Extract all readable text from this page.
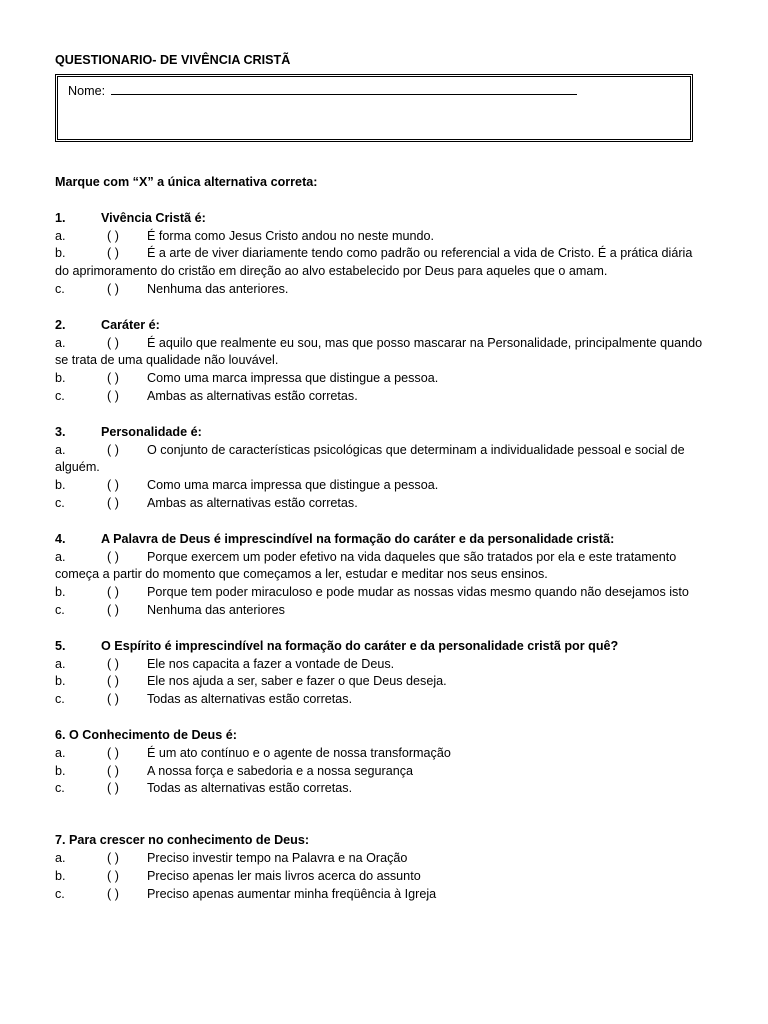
QUESTIONARIO- DE VIVÊNCIA CRISTÃ
Nome:
Marque com “X” a única alternativa correta:
1.	Vivência Cristã é:
a.	( ) É forma como Jesus Cristo andou no neste mundo.
b.	( ) É a arte de viver diariamente tendo como padrão ou referencial a vida de Cristo. É a prática diária do aprimoramento do cristão em direção ao alvo estabelecido por Deus para aqueles que o amam.
c.	( ) Nenhuma das anteriores.
2.	Caráter é:
a.	( ) É aquilo que realmente eu sou, mas que posso mascarar na Personalidade, principalmente quando se trata de uma qualidade não louvável.
b.	( ) Como uma marca impressa que distingue a pessoa.
c.	( ) Ambas as alternativas estão corretas.
3.	Personalidade é:
a.	( ) O conjunto de características psicológicas que determinam a individualidade pessoal e social de alguém.
b.	( ) Como uma marca impressa que distingue a pessoa.
c.	( ) Ambas as alternativas estão corretas.
4.	A Palavra de Deus é imprescindível na formação do caráter e da personalidade cristã:
a.	( ) Porque exercem um poder efetivo na vida daqueles que são tratados por ela e este tratamento começa a partir do momento que começamos a ler, estudar e meditar nos seus ensinos.
b.	( ) Porque tem poder miraculoso e pode mudar as nossas vidas mesmo quando não desejamos isto
c.	( ) Nenhuma das anteriores
5.	O Espírito é imprescindível na formação do caráter e da personalidade cristã por quê?
a.	( ) Ele nos capacita a fazer a vontade de Deus.
b.	( ) Ele nos ajuda a ser, saber e fazer o que Deus deseja.
c.	( ) Todas as alternativas estão corretas.
6. O Conhecimento de Deus é:
a.	( ) É um ato contínuo e o agente de nossa transformação
b.	( ) A nossa força e sabedoria e a nossa segurança
c.	( ) Todas as alternativas estão corretas.
7. Para crescer no conhecimento de Deus:
a.	( ) Preciso investir tempo na Palavra e na Oração
b.	( ) Preciso apenas ler mais livros acerca do assunto
c.	( ) Preciso apenas aumentar minha freqüência à Igreja
